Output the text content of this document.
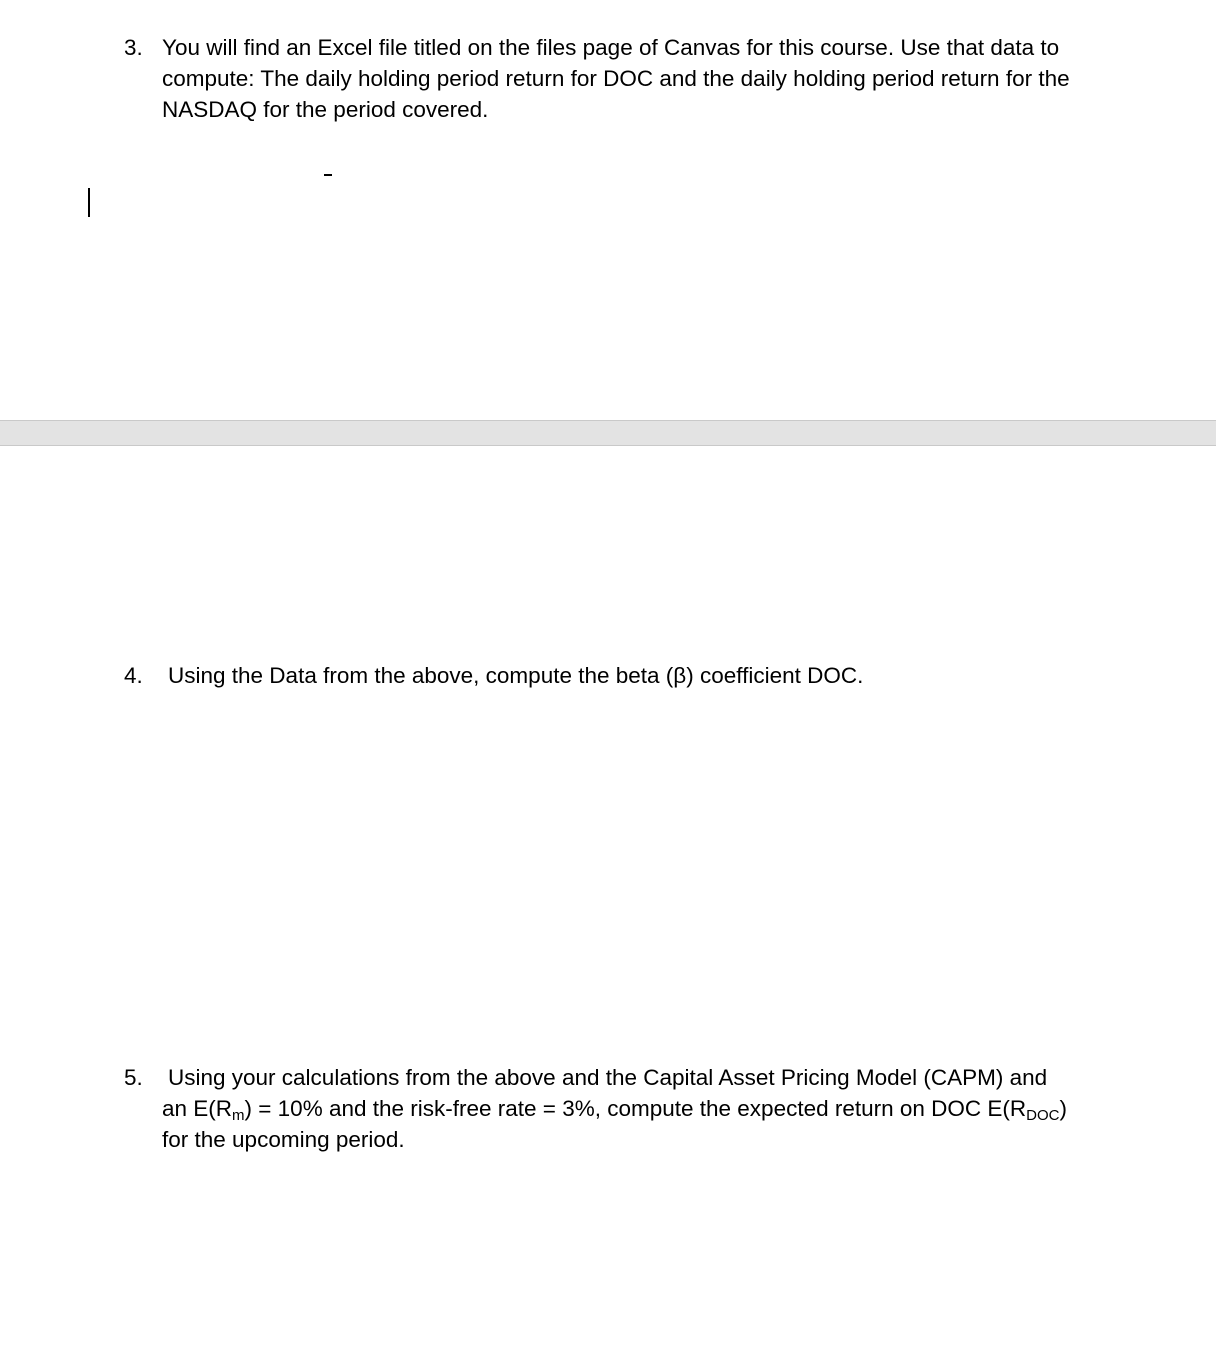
3. You will find an Excel file titled on the files page of Canvas for this course. Use that data to compute: The daily holding period return for DOC and the daily holding period return for the NASDAQ for the period covered.
4. Using the Data from the above, compute the beta (β) coefficient DOC.
5. Using your calculations from the above and the Capital Asset Pricing Model (CAPM) and
an $E(R_m) = 10\%$ and the risk-free rate = 3%, compute the expected return on DOC $E(R_{DOC})$
for the upcoming period.
